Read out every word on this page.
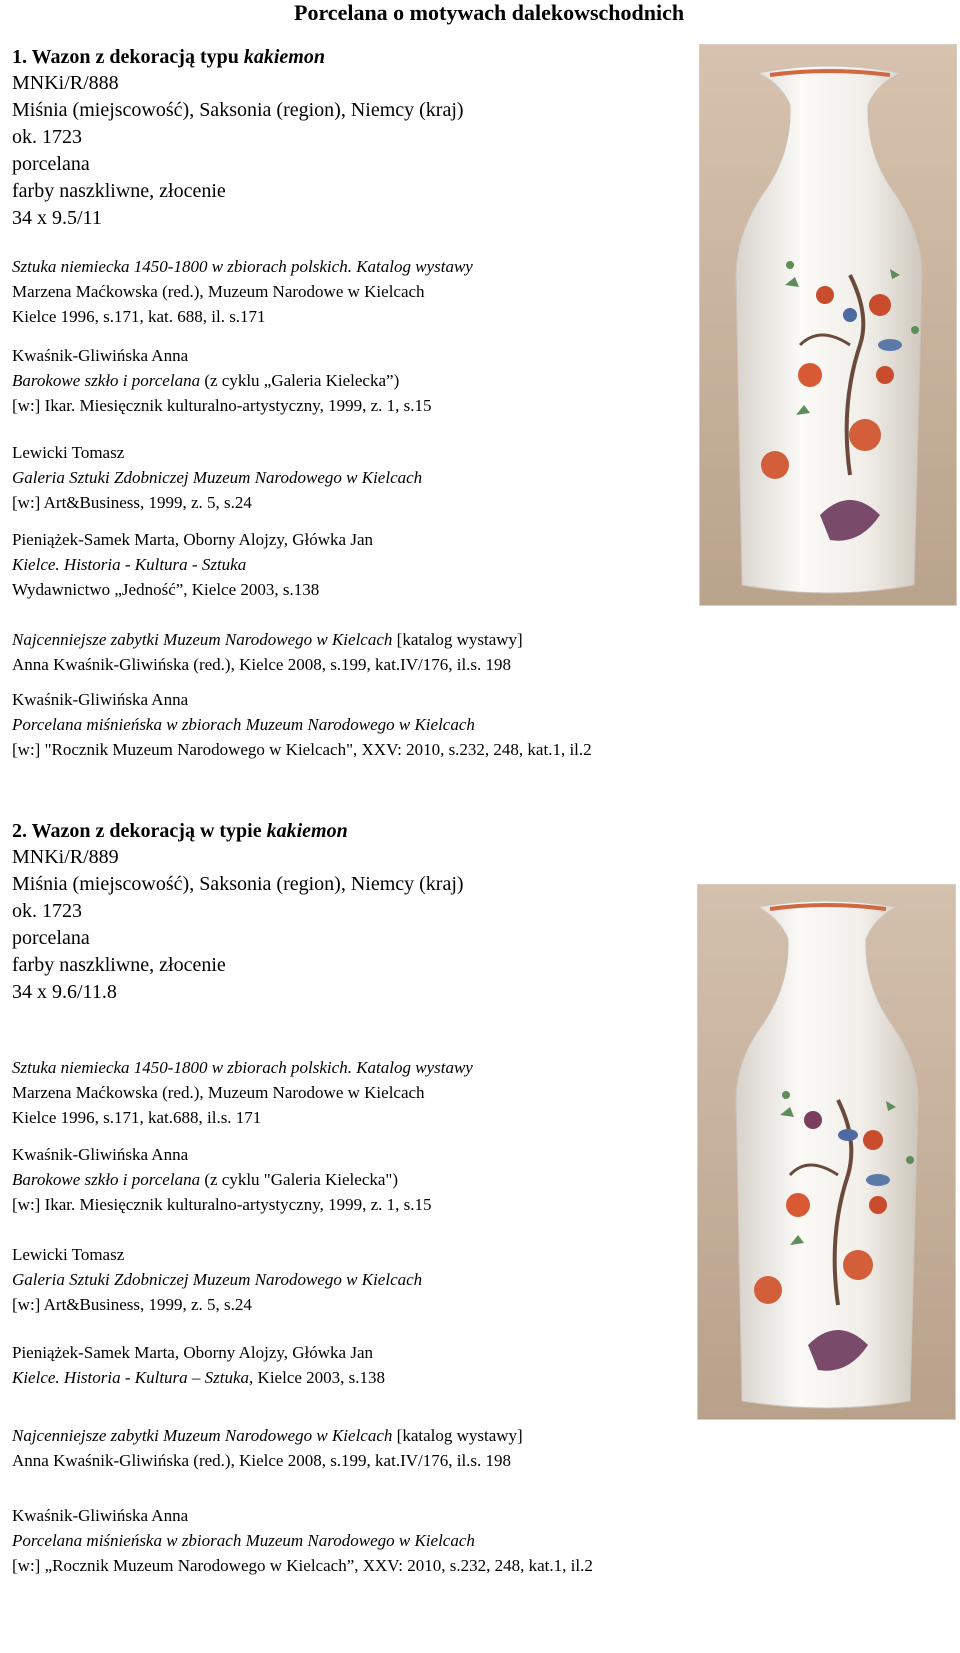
Porcelana o motywach dalekowschodnich
1. Wazon z dekoracją typu kakiemon
MNKi/R/888
Miśnia (miejscowość), Saksonia (region), Niemcy (kraj)
ok. 1723
porcelana
farby naszkliwne, złocenie
34 x 9.5/11
Sztuka niemiecka 1450-1800 w zbiorach polskich. Katalog wystawy
Marzena Maćkowska (red.), Muzeum Narodowe w Kielcach
Kielce 1996, s.171, kat. 688, il. s.171
Kwaśnik-Gliwińska Anna
Barokowe szkło i porcelana (z cyklu „Galeria Kielecka”)
[w:] Ikar. Miesięcznik kulturalno-artystyczny, 1999, z. 1, s.15
Lewicki Tomasz
Galeria Sztuki Zdobniczej Muzeum Narodowego w Kielcach
[w:] Art&Business, 1999, z. 5, s.24
Pieniążek-Samek Marta, Oborny Alojzy, Główka Jan
Kielce. Historia - Kultura - Sztuka
Wydawnictwo „Jedność”, Kielce 2003, s.138
Najcenniejsze zabytki Muzeum Narodowego w Kielcach [katalog wystawy]
Anna Kwaśnik-Gliwińska (red.), Kielce 2008, s.199, kat.IV/176, il.s. 198
Kwaśnik-Gliwińska Anna
Porcelana miśnieńska w zbiorach Muzeum Narodowego w Kielcach
[w:] "Rocznik Muzeum Narodowego w Kielcach", XXV: 2010, s.232, 248, kat.1, il.2
2. Wazon z dekoracją w typie kakiemon
MNKi/R/889
Miśnia (miejscowość), Saksonia (region), Niemcy (kraj)
ok. 1723
porcelana
farby naszkliwne, złocenie
34 x 9.6/11.8
Sztuka niemiecka 1450-1800 w zbiorach polskich. Katalog wystawy
Marzena Maćkowska (red.), Muzeum Narodowe w Kielcach
Kielce 1996, s.171, kat.688, il.s. 171
Kwaśnik-Gliwińska Anna
Barokowe szkło i porcelana (z cyklu "Galeria Kielecka")
[w:] Ikar. Miesięcznik kulturalno-artystyczny, 1999, z. 1, s.15
Lewicki Tomasz
Galeria Sztuki Zdobniczej Muzeum Narodowego w Kielcach
[w:] Art&Business, 1999, z. 5, s.24
Pieniążek-Samek Marta, Oborny Alojzy, Główka Jan
Kielce. Historia - Kultura – Sztuka, Kielce 2003, s.138
Najcenniejsze zabytki Muzeum Narodowego w Kielcach [katalog wystawy]
Anna Kwaśnik-Gliwińska (red.), Kielce 2008, s.199, kat.IV/176, il.s. 198
Kwaśnik-Gliwińska Anna
Porcelana miśnieńska w zbiorach Muzeum Narodowego w Kielcach
[w:] „Rocznik Muzeum Narodowego w Kielcach”, XXV: 2010, s.232, 248, kat.1, il.2
